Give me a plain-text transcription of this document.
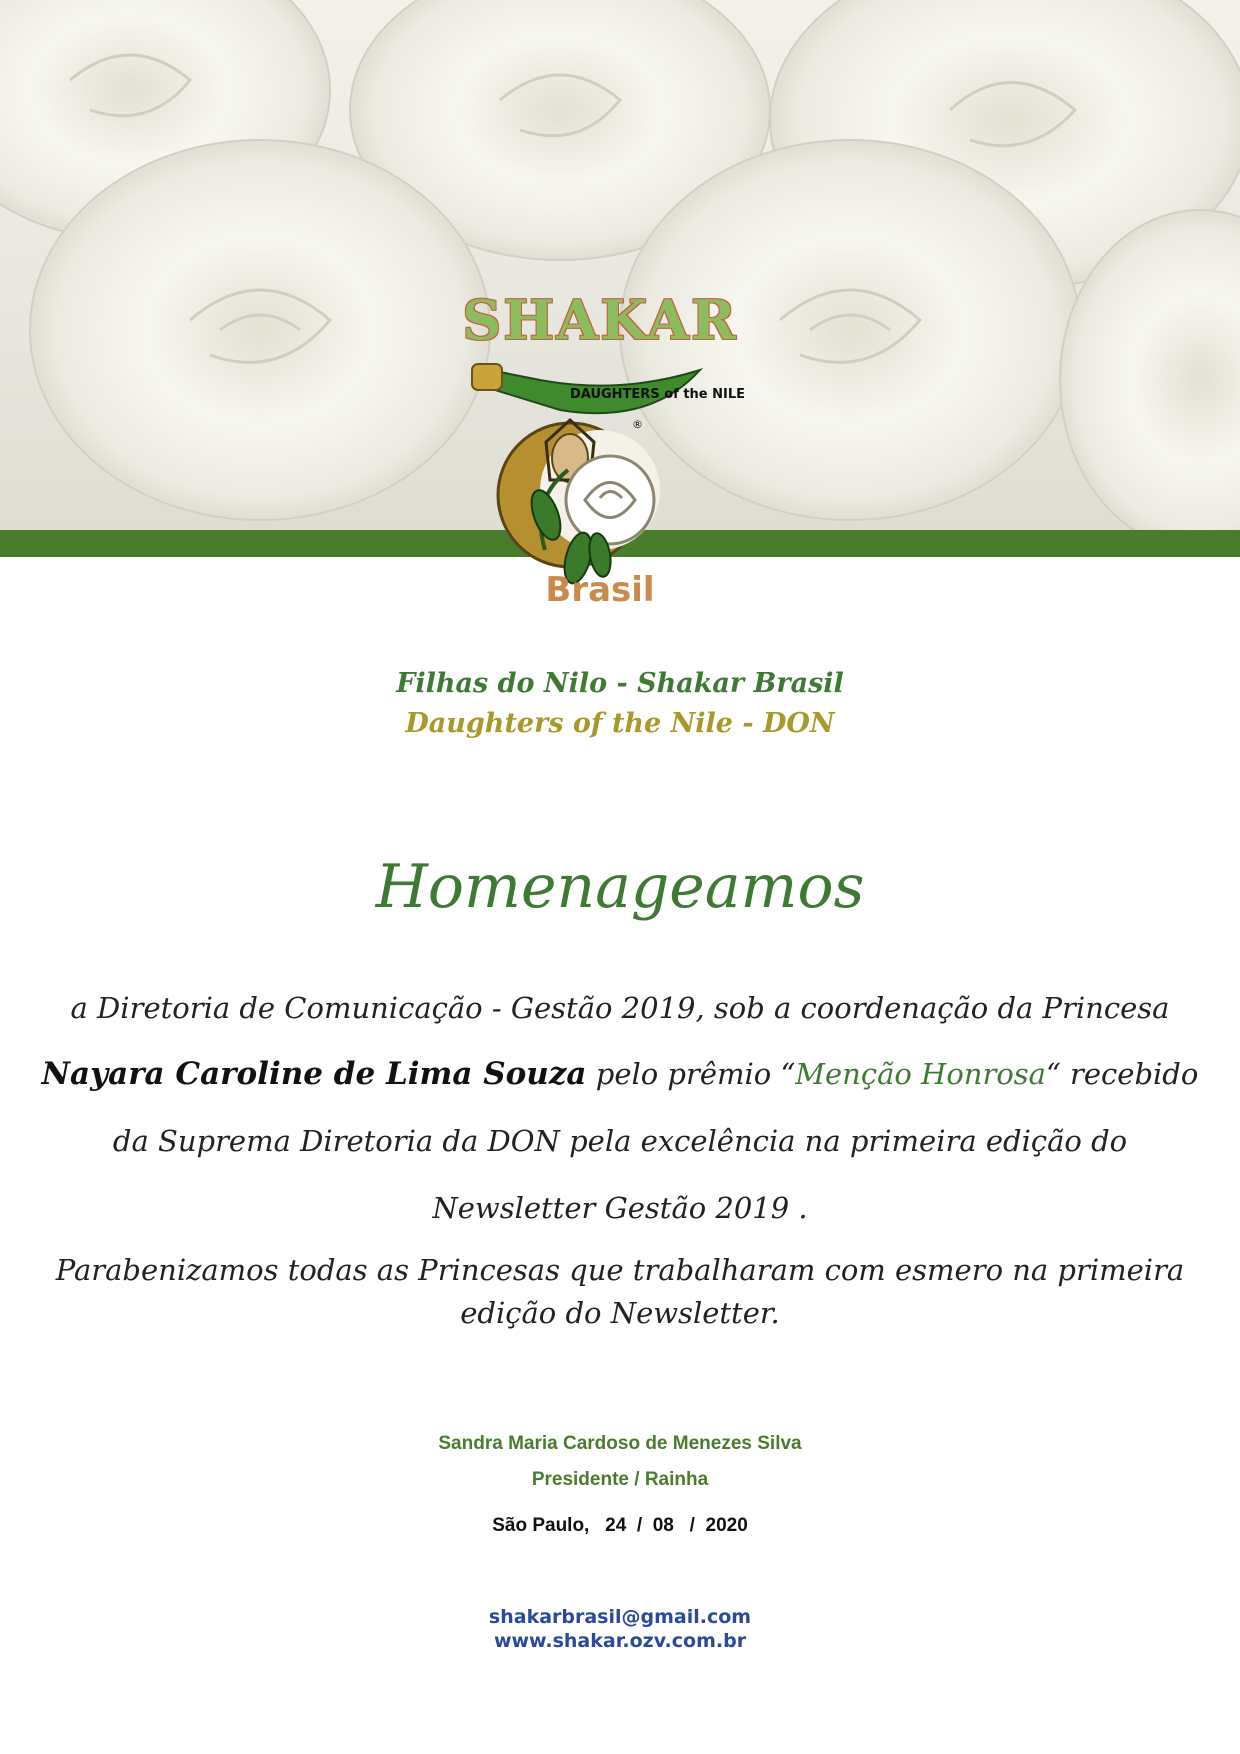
SHAKAR
DAUGHTERS of the NILE
®
Brasil
Filhas do Nilo - Shakar Brasil
Daughters of the Nile - DON
Homenageamos
a Diretoria de Comunicação - Gestão 2019, sob a coordenação da Princesa
Nayara Caroline de Lima Souza pelo prêmio “Menção Honrosa“ recebido
da Suprema Diretoria da DON pela excelência na primeira edição do
Newsletter Gestão 2019 .
Parabenizamos todas as Princesas que trabalharam com esmero na primeira
edição do Newsletter.
Sandra Maria Cardoso de Menezes Silva
Presidente / Rainha
São Paulo,   24  /  08   /  2020
shakarbrasil@gmail.com
www.shakar.ozv.com.br
